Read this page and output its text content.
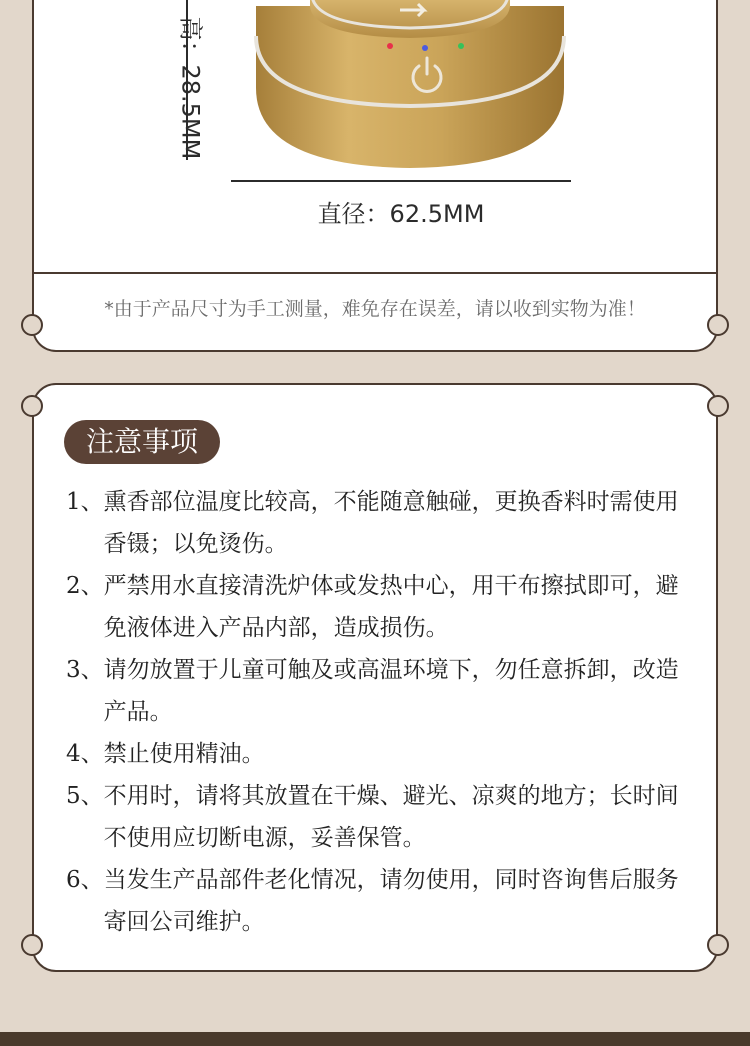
高：28.5MM
直径：62.5MM
*由于产品尺寸为手工测量，难免存在误差，请以收到实物为准！
注意事项
1、 熏香部位温度比较高，不能随意触碰，更换香料时需使用香镊；以免烫伤。
2、 严禁用水直接清洗炉体或发热中心，用干布擦拭即可，避免液体进入产品内部，造成损伤。
3、 请勿放置于儿童可触及或高温环境下，勿任意拆卸，改造产品。
4、 禁止使用精油。
5、 不用时，请将其放置在干燥、避光、凉爽的地方；长时间不使用应切断电源，妥善保管。
6、 当发生产品部件老化情况，请勿使用，同时咨询售后服务寄回公司维护。
